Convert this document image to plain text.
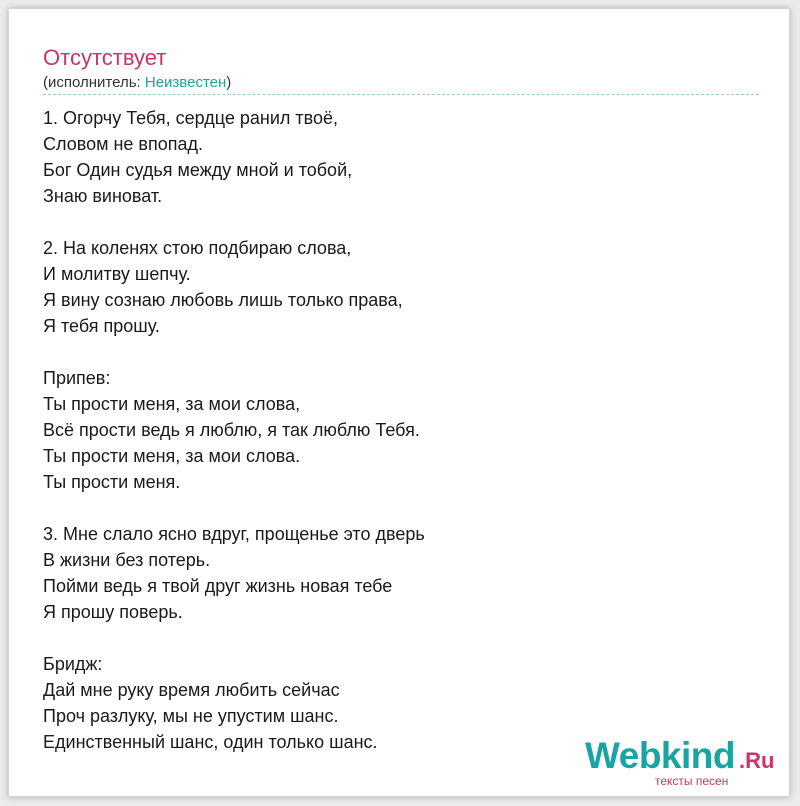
Отсутствует
(исполнитель: Неизвестен)
1. Огорчу Тебя, сердце ранил твоё,
Словом не впопад.
Бог Один судья между мной и тобой,
Знаю виноват.
2. На коленях стою подбираю слова,
И молитву шепчу.
Я вину сознаю любовь лишь только права,
Я тебя прошу.
Припев:
Ты прости меня, за мои слова,
Всё прости ведь я люблю, я так люблю Тебя.
Ты прости меня, за мои слова.
Ты прости меня.
3. Мне слало ясно вдруг, прощенье это дверь
В жизни без потерь.
Пойми ведь я твой друг жизнь новая тебе
Я прошу поверь.
Бридж:
Дай мне руку время любить сейчас
Проч разлуку, мы не упустим шанс.
Единственный шанс, один только шанс.	Webkind .Ru
тексты песен
